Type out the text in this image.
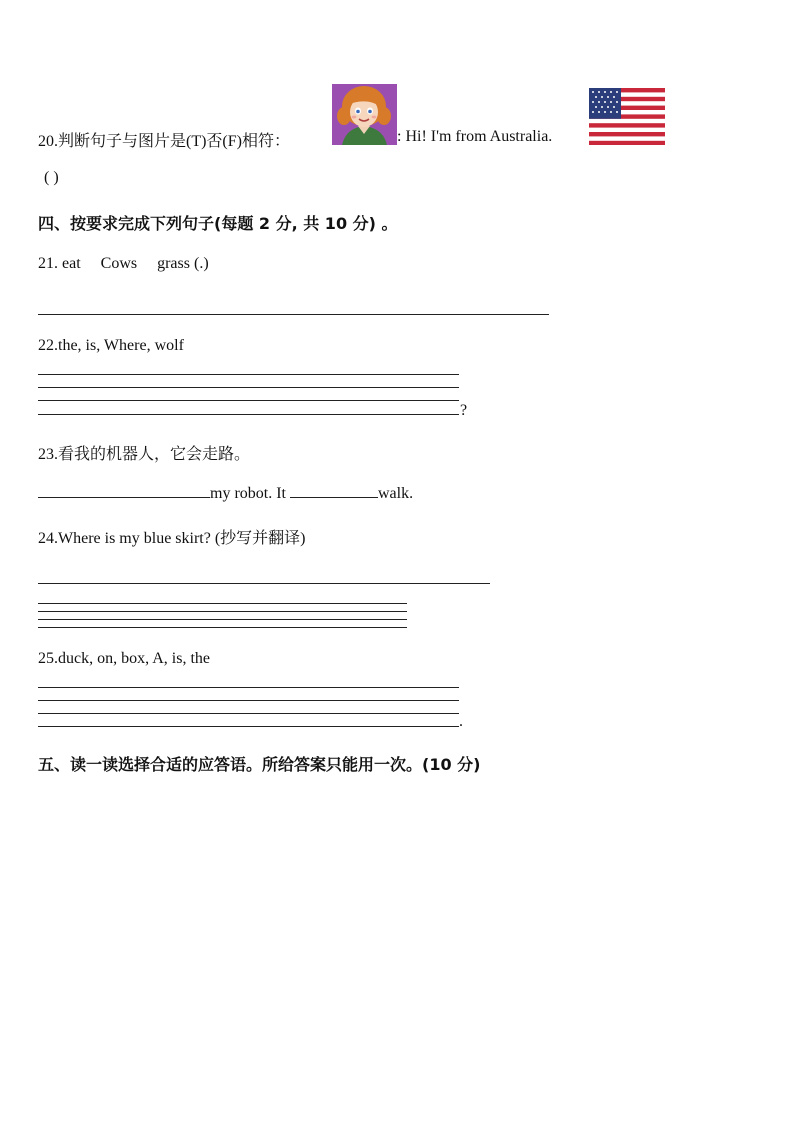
20.判断句子与图片是(T)否(F)相符：	: Hi! I'm from Australia.
( )
四、按要求完成下列句子(每题 2 分, 共 10 分) 。
21. eat     Cows     grass (.)
22.the, is, Where, wolf
?
23.看我的机器人，它会走路。
my robot. It	walk.
24.Where is my blue skirt? (抄写并翻译)
25.duck, on, box, A, is, the
.
五、读一读选择合适的应答语。所给答案只能用一次。(10 分)
